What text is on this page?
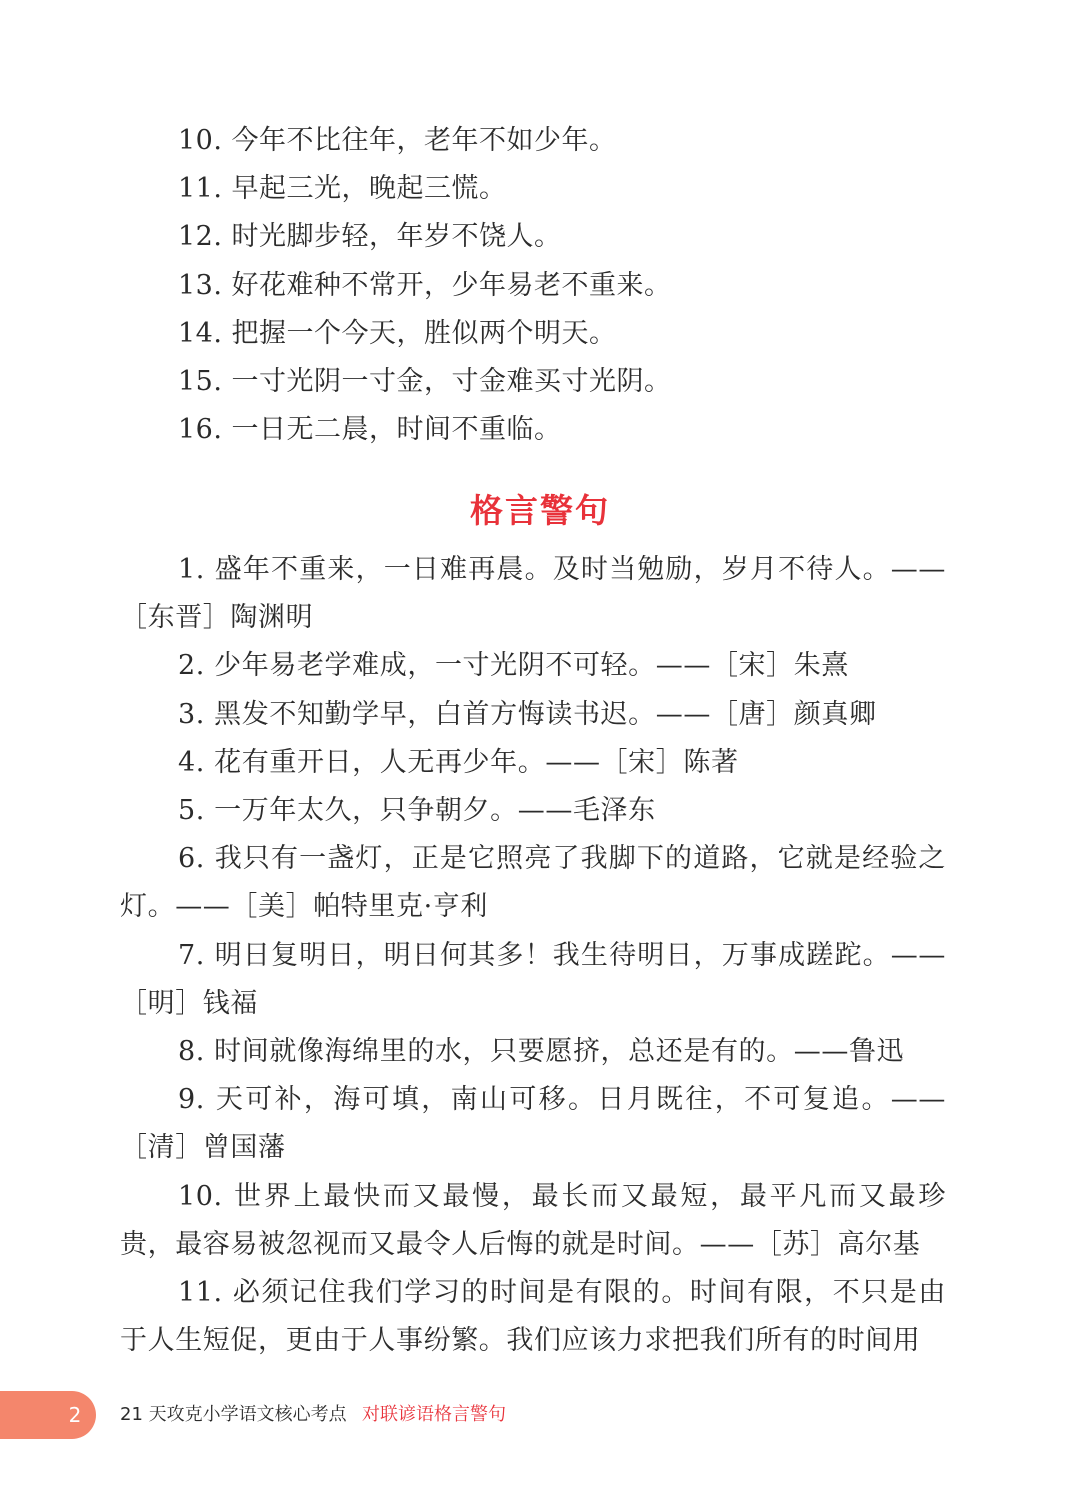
10. 今年不比往年，老年不如少年。
11. 早起三光，晚起三慌。
12. 时光脚步轻，年岁不饶人。
13. 好花难种不常开，少年易老不重来。
14. 把握一个今天，胜似两个明天。
15. 一寸光阴一寸金，寸金难买寸光阴。
16. 一日无二晨，时间不重临。
格言警句

1. 盛年不重来，一日难再晨。及时当勉励，岁月不待人。——［东晋］陶渊明

2. 少年易老学难成，一寸光阴不可轻。——［宋］朱熹

3. 黑发不知勤学早，白首方悔读书迟。——［唐］颜真卿

4. 花有重开日，人无再少年。——［宋］陈著

5. 一万年太久，只争朝夕。——毛泽东

6. 我只有一盏灯，正是它照亮了我脚下的道路，它就是经验之灯。——［美］帕特里克·亨利

7. 明日复明日，明日何其多！我生待明日，万事成蹉跎。——［明］钱福

8. 时间就像海绵里的水，只要愿挤，总还是有的。——鲁迅

9. 天可补，海可填，南山可移。日月既往，不可复追。——［清］曾国藩

10. 世界上最快而又最慢，最长而又最短，最平凡而又最珍贵，最容易被忽视而又最令人后悔的就是时间。——［苏］高尔基

11. 必须记住我们学习的时间是有限的。时间有限，不只是由于人生短促，更由于人事纷繁。我们应该力求把我们所有的时间用

2	21 天攻克小学语文核心考点 对联谚语格言警句
